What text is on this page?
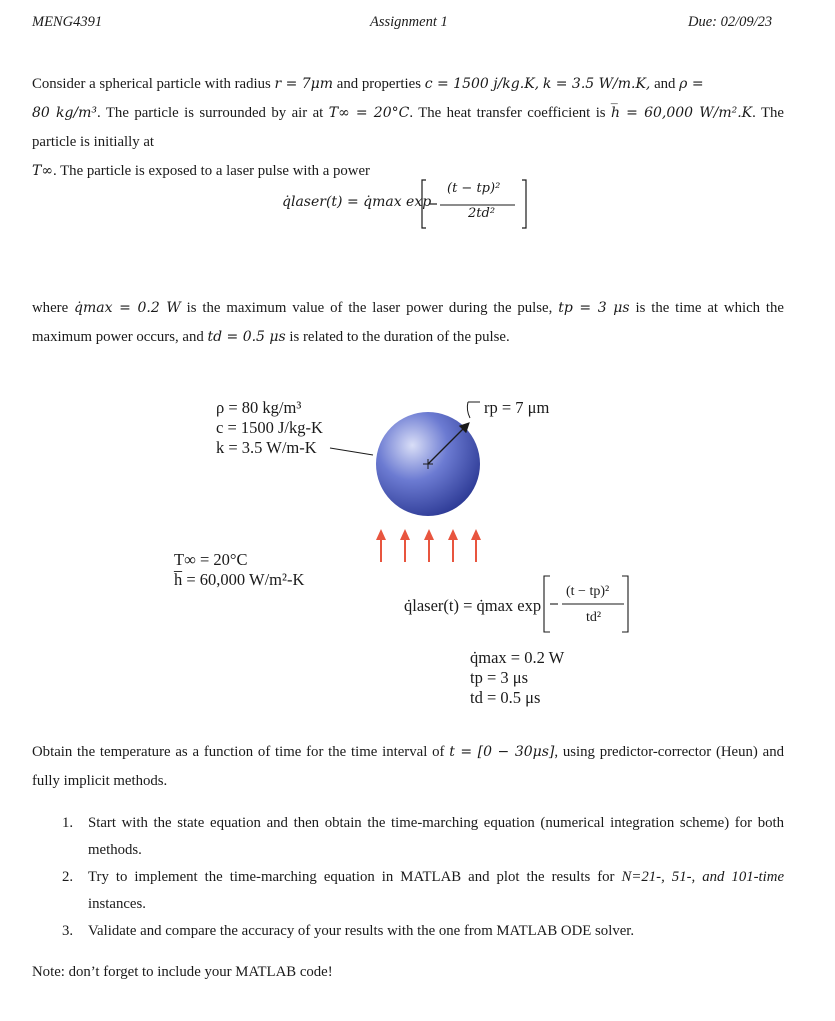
MENG4391	Assignment 1	Due: 02/09/23
Consider a spherical particle with radius r = 7μm and properties c = 1500 j/kg.K, k = 3.5 W/m.K, and ρ =
80 kg/m³. The particle is surrounded by air at T∞ = 20°C. The heat transfer coefficient is h̅ = 60,000 W/m².K. The particle is initially at
T∞. The particle is exposed to a laser pulse with a power
q̇laser(t) = q̇max exp
(t − tp)²
2td²
where q̇max = 0.2 W is the maximum value of the laser power during the pulse, tp = 3 μs is the time at which the maximum power occurs, and td = 0.5 μs is related to the duration of the pulse.
ρ = 80 kg/m³
c = 1500 J/kg-K
k = 3.5 W/m-K
rp = 7 μm
T∞ = 20°C
h̅ = 60,000 W/m²-K
q̇laser(t) = q̇max exp
(t − tp)²
td²
q̇max = 0.2 W
tp = 3 μs
td = 0.5 μs
Obtain the temperature as a function of time for the time interval of t = [0 − 30μs], using predictor-corrector (Heun) and fully implicit methods.
1. Start with the state equation and then obtain the time-marching equation (numerical integration scheme) for both methods.
2. Try to implement the time-marching equation in MATLAB and plot the results for N=21-, 51-, and 101-time instances.
3. Validate and compare the accuracy of your results with the one from MATLAB ODE solver.
Note: don’t forget to include your MATLAB code!
